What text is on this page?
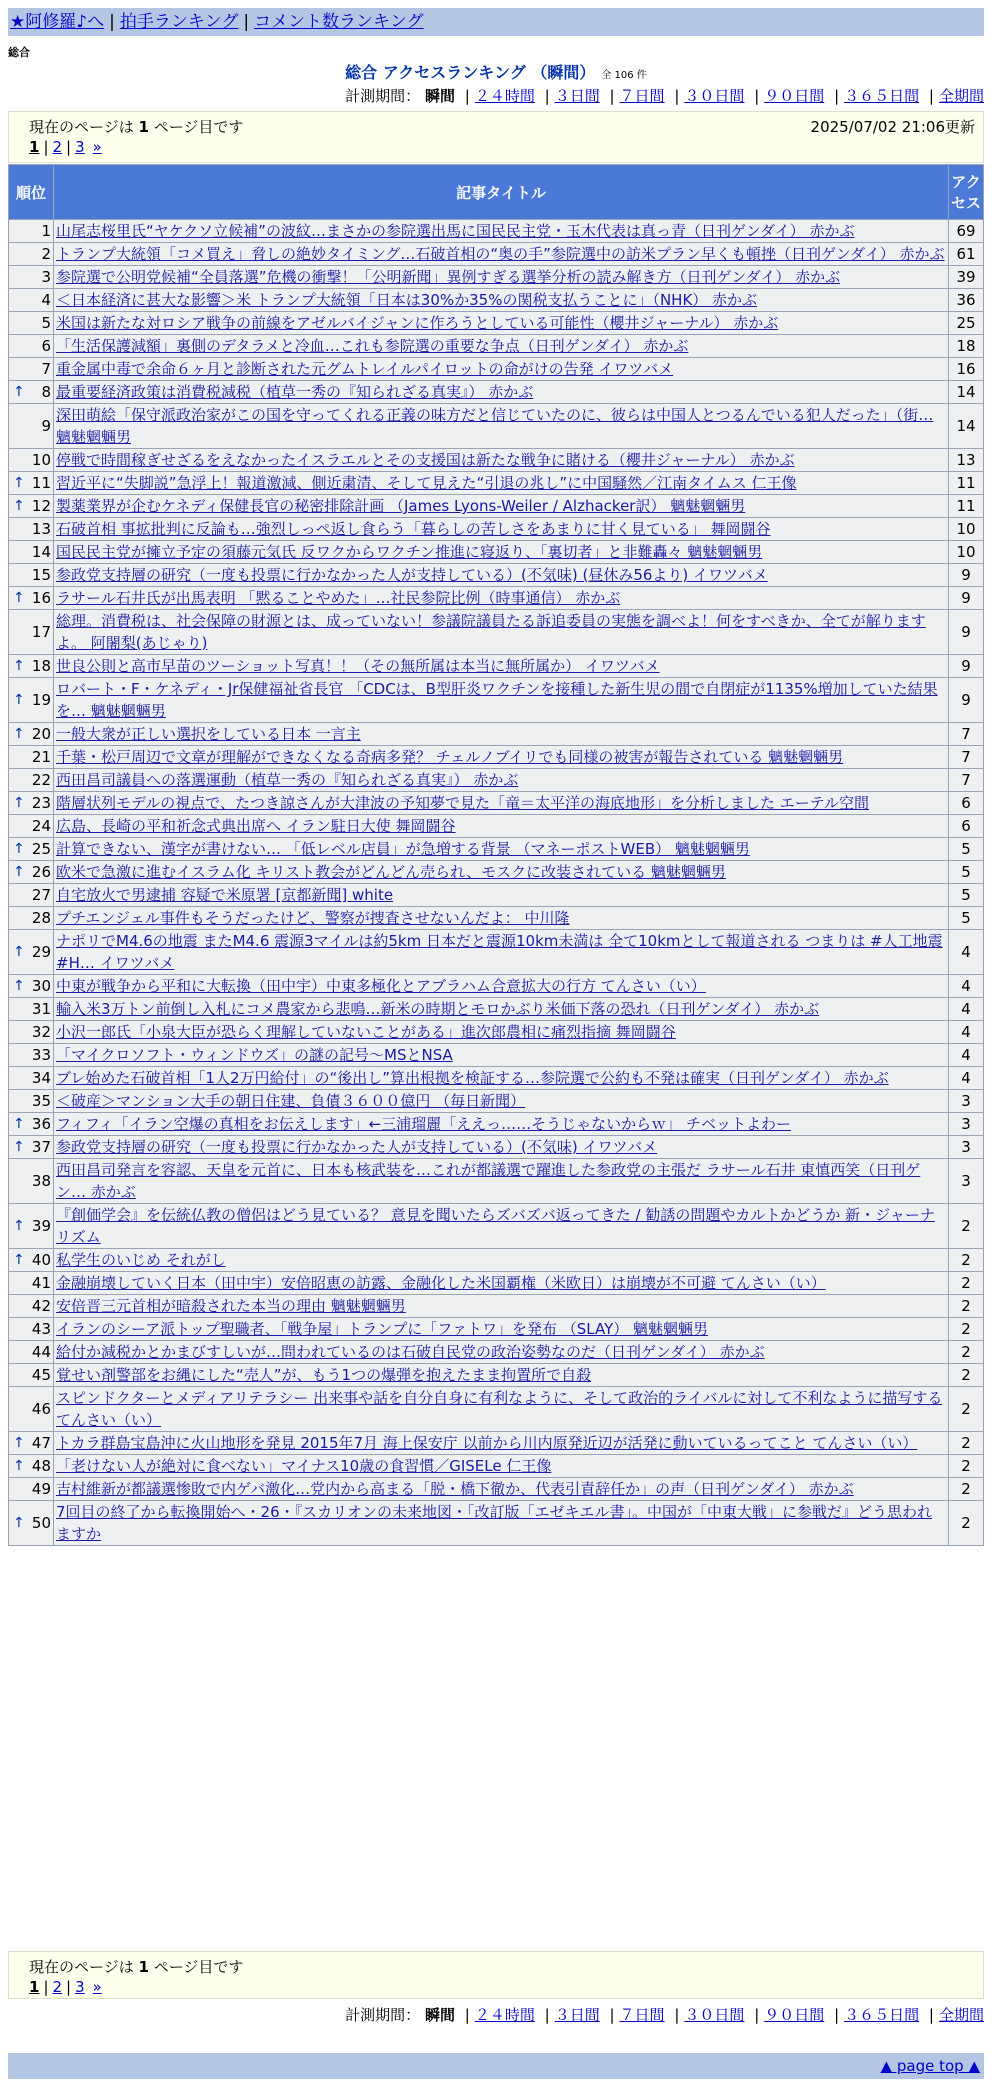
★阿修羅♪へ | 拍手ランキング | コメント数ランキング
総合
総合 アクセスランキング （瞬間） 全 106 件
計測期間： 瞬間 | ２４時間 | ３日間 | ７日間 | ３０日間 | ９０日間 | ３６５日間 | 全期間
現在のページは 1 ページ目です	2025/07/02 21:06更新
1 | 2 | 3 »
順位	記事タイトル	アクセス
1	山尾志桜里氏“ヤケクソ立候補”の波紋…まさかの参院選出馬に国民民主党・玉木代表は真っ青（日刊ゲンダイ） 赤かぶ	69
2	トランプ大統領「コメ買え」脅しの絶妙タイミング…石破首相の“奥の手”参院選中の訪米プラン早くも頓挫（日刊ゲンダイ） 赤かぶ	61
3	参院選で公明党候補“全員落選”危機の衝撃！「公明新聞」異例すぎる選挙分析の読み解き方（日刊ゲンダイ） 赤かぶ	39
4	＜日本経済に甚大な影響＞米 トランプ大統領「日本は30%か35%の関税支払うことに」（NHK） 赤かぶ	36
5	米国は新たな対ロシア戦争の前線をアゼルバイジャンに作ろうとしている可能性（櫻井ジャーナル） 赤かぶ	25
6	「生活保護減額」裏側のデタラメと冷血…これも参院選の重要な争点（日刊ゲンダイ） 赤かぶ	18
7	重金属中毒で余命６ヶ月と診断された元グムトレイルパイロットの命がけの告発 イワツバメ	16

↑ 8	最重要経済政策は消費税減税（植草一秀の『知られざる真実』） 赤かぶ	14
9	深田萌絵「保守派政治家がこの国を守ってくれる正義の味方だと信じていたのに、彼らは中国人とつるんでいる犯人だった」（街… 魑魅魍魎男	14
10	停戦で時間稼ぎせざるをえなかったイスラエルとその支援国は新たな戦争に賭ける（櫻井ジャーナル） 赤かぶ	13

↑ 11	習近平に“失脚説”急浮上！報道激減、側近粛清、そして見えた“引退の兆し”に中国騒然／江南タイムス 仁王像	11

↑ 12	製薬業界が企むケネディ保健長官の秘密排除計画 （James Lyons-Weiler / Alzhacker訳） 魑魅魍魎男	11
13	石破首相 事拡批判に反論も…強烈しっぺ返し食らう「暮らしの苦しさをあまりに甘く見ている」 舞岡闘谷	10
14	国民民主党が擁立予定の須藤元気氏 反ワクからワクチン推進に寝返り、「裏切者」と非難轟々 魑魅魍魎男	10
15	参政党支持層の研究（一度も投票に行かなかった人が支持している）(不気味) (昼休み56より) イワツバメ	9

↑ 16	ラサール石井氏が出馬表明 「黙ることやめた」…社民参院比例（時事通信） 赤かぶ	9
17	総理。消費税は、社会保障の財源とは、成っていない！参議院議員たる訴追委員の実態を調べよ！何をすべきか、全てが解りますよ。 阿闍梨(あじゃり)	9

↑ 18	世良公則と高市早苗のツーショット写真！！（その無所属は本当に無所属か） イワツバメ	9

↑ 19	ロバート・F・ケネディ・Jr保健福祉省長官 「CDCは、B型肝炎ワクチンを接種した新生児の間で自閉症が1135%増加していた結果を… 魑魅魍魎男	9

↑ 20	一般大衆が正しい選択をしている日本 一言主	7
21	千葉・松戸周辺で文章が理解ができなくなる奇病多発？ チェルノブイリでも同様の被害が報告されている 魑魅魍魎男	7
22	西田昌司議員への落選運動（植草一秀の『知られざる真実』） 赤かぶ	7

↑ 23	階層状列モデルの視点で、たつき諒さんが大津波の予知夢で見た「竜＝太平洋の海底地形」を分析しました エーテル空間	6
24	広島、長崎の平和祈念式典出席へ イラン駐日大使 舞岡闘谷	6

↑ 25	計算できない、漢字が書けない… 「低レベル店員」が急増する背景 （マネーポストWEB） 魑魅魍魎男	5

↑ 26	欧米で急激に進むイスラム化 キリスト教会がどんどん売られ、モスクに改装されている 魑魅魍魎男	5
27	自宅放火で男逮捕 容疑で米原署 [京都新聞] white	5
28	プチエンジェル事件もそうだったけど、警察が捜査させないんだよ： 中川隆	5

↑ 29	ナポリでM4.6の地震 またM4.6 震源3マイルは約5km 日本だと震源10km未満は 全て10kmとして報道される つまりは #人工地震 #H… イワツバメ	4

↑ 30	中東が戦争から平和に大転換（田中宇）中東多極化とアブラハム合意拡大の行方 てんさい（い）	4
31	輸入米3万トン前倒し入札にコメ農家から悲鳴…新米の時期とモロかぶり米価下落の恐れ（日刊ゲンダイ） 赤かぶ	4
32	小沢一郎氏「小泉大臣が恐らく理解していないことがある」進次郎農相に痛烈指摘 舞岡闘谷	4
33	「マイクロソフト・ウィンドウズ」の謎の記号〜MSとNSA	4
34	ブレ始めた石破首相「1人2万円給付」の“後出し”算出根拠を検証する…参院選で公約も不発は確実（日刊ゲンダイ） 赤かぶ	4
35	＜破産＞マンション大手の朝日住建、負債３６００億円 （毎日新聞）	3

↑ 36	フィフィ「イラン空爆の真相をお伝えします」←三浦瑠麗「ええっ……そうじゃないからｗ」 チベットよわー	3

↑ 37	参政党支持層の研究（一度も投票に行かなかった人が支持している）(不気味) イワツバメ	3
38	西田昌司発言を容認、天皇を元首に、日本も核武装を…これが都議選で躍進した参政党の主張だ ラサール石井 東慎西笑（日刊ゲン… 赤かぶ	3

↑ 39	『創価学会』を伝統仏教の僧侶はどう見ている？ 意見を聞いたらズバズバ返ってきた / 勧誘の問題やカルトかどうか 新・ジャーナリズム	2

↑ 40	私学生のいじめ それがし	2
41	金融崩壊していく日本（田中宇）安倍昭恵の訪露、金融化した米国覇権（米欧日）は崩壊が不可避 てんさい（い）	2
42	安倍晋三元首相が暗殺された本当の理由 魑魅魍魎男	2
43	イランのシーア派トップ聖職者、「戦争屋」トランプに「ファトワ」を発布 （SLAY） 魑魅魍魎男	2
44	給付か減税かとかまびすしいが…問われているのは石破自民党の政治姿勢なのだ（日刊ゲンダイ） 赤かぶ	2
45	覚せい剤警部をお縄にした“売人”が、もう1つの爆弾を抱えたまま拘置所で自殺	2
46	スピンドクターとメディアリテラシー 出来事や話を自分自身に有利なように、そして政治的ライバルに対して不利なように描写する てんさい（い）	2

↑ 47	トカラ群島宝島沖に火山地形を発見 2015年7月 海上保安庁 以前から川内原発近辺が活発に動いているってこと てんさい（い）	2

↑ 48	「老けない人が絶対に食べない」マイナス10歳の食習慣／GISELe 仁王像	2
49	吉村維新が都議選惨敗で内ゲバ激化…党内から高まる「脱・橋下徹か、代表引責辞任か」の声（日刊ゲンダイ） 赤かぶ	2

↑ 50	7回目の終了から転換開始へ・26・『スカリオンの未来地図・「改訂版「エゼキエル書」。中国が「中東大戦」に参戦だ』どう思われますか	2
現在のページは 1 ページ目です
1 | 2 | 3 »
計測期間： 瞬間 | ２４時間 | ３日間 | ７日間 | ３０日間 | ９０日間 | ３６５日間 | 全期間
▲ page top ▲
